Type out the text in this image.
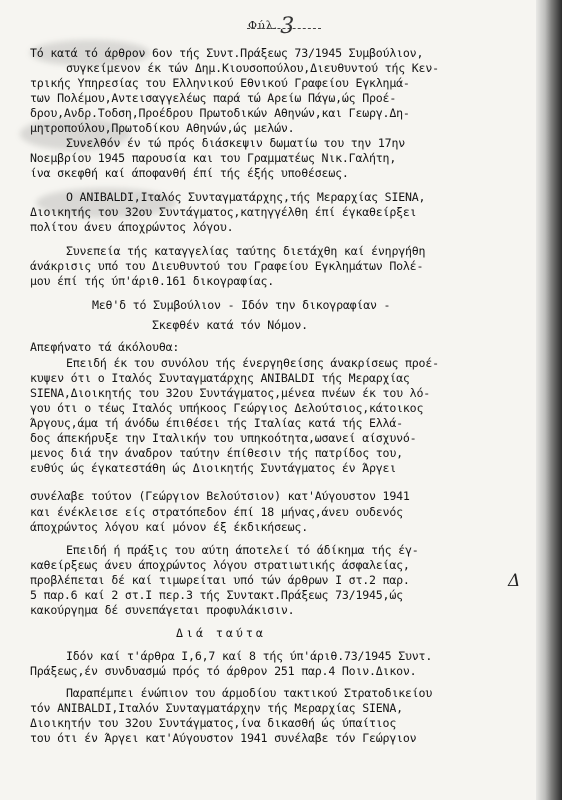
Φύλ.3
Τό κατά τό άρθρον 6ον τής Συντ.Πράξεως 73/1945 Συμβούλιον,
συγκείμενον έκ τών Δημ.Κιουσοπούλου,Διευθυντού τής Κεν-
τρικής Υπηρεσίας του Ελληνικού Εθνικού Γραφείου Εγκλημά-
των Πολέμου,Αντεισαγγελέως παρά τώ Αρείω Πάγω,ώς Προέ-
δρου,Ανδρ.Τοδση,Προέδρου Πρωτοδικών Αθηνών,και Γεωργ.Δη-
μητροπούλου,Πρωτοδίκου Αθηνών,ώς μελών.
Συνελθόν έν τώ πρός διάσκεψιν δωματίω του την 17ην
Νοεμβρίου 1945 παρουσία και του Γραμματέως Νικ.Γαλήτη,
ίνα σκεφθή καί άποφανθή έπί τής έξής υποθέσεως.
Ο ANIBALDI,Ιταλός Συνταγματάρχης,τής Μεραρχίας SIENA,
Διοικητής του 32ου Συντάγματος,κατηγγέλθη έπί έγκαθείρξει
πολίτου άνευ άποχρώντος λόγου.
Συνεπεία τής καταγγελίας ταύτης διετάχθη καί ένηργήθη
άνάκρισις υπό του Διευθυντού του Γραφείου Εγκλημάτων Πολέ-
μου έπί τής ύπ'άριθ.161 δικογραφίας.
Μεθ'δ τό Συμβούλιον - Ιδόν την δικογραφίαν -
Σκεφθέν κατά τόν Νόμον.
Απεφήνατο τά άκόλουθα:
Επειδή έκ του συνόλου τής ένεργηθείσης άνακρίσεως προέ-
κυψεν ότι ο Ιταλός Συνταγματάρχης ANIBALDI τής Μεραρχίας
SIENA,Διοικητής του 32ου Συντάγματος,μένεα πνέων έκ του λό-
γου ότι ο τέως Ιταλός υπήκοος Γεώργιος Δελούτσιος,κάτοικος
Άργους,άμα τή άνόδω έπιθέσει τής Ιταλίας κατά τής Ελλά-
δος άπεκήρυξε την Ιταλικήν του υπηκοότητα,ωσανεί αίσχυνό-
μενος διά την άναδρον ταύτην έπίθεσιν τής πατρίδος του,
ευθύς ώς έγκατεστάθη ώς Διοικητής Συντάγματος έν Άργει
συνέλαβε τούτον (Γεώργιον Βελούτσιον) κατ'Αύγουστον 1941
και ένέκλεισε είς στρατόπεδον έπί 18 μήνας,άνευ ουδενός
άποχρώντος λόγου καί μόνον έξ έκδικήσεως.
Επειδή ή πράξις του αύτη άποτελεί τό άδίκημα τής έγ-
καθείρξεως άνευ άποχρώντος λόγου στρατιωτικής άσφαλείας,
προβλέπεται δέ καί τιμωρείται υπό τών άρθρων I στ.2 παρ.
5 παρ.6 καί 2 στ.I περ.3 τής Συντακτ.Πράξεως 73/1945,ώς
κακούργημα δέ συνεπάγεται προφυλάκισιν.
Διά ταύτα
Ιδόν καί τ'άρθρα I,6,7 καί 8 τής ύπ'άριθ.73/1945 Συντ.
Πράξεως,έν συνδυασμώ πρός τό άρθρον 251 παρ.4 Ποιν.Δικον.
Παραπέμπει ένώπιον του άρμοδίου τακτικού Στρατοδικείου
τόν ANIBALDI,Ιταλόν Συνταγματάρχην τής Μεραρχίας SIENA,
Διοικητήν του 32ου Συντάγματος,ίνα δικασθή ώς ύπαίτιος
του ότι έν Άργει κατ'Αύγουστον 1941 συνέλαβε τόν Γεώργιον
Δ
